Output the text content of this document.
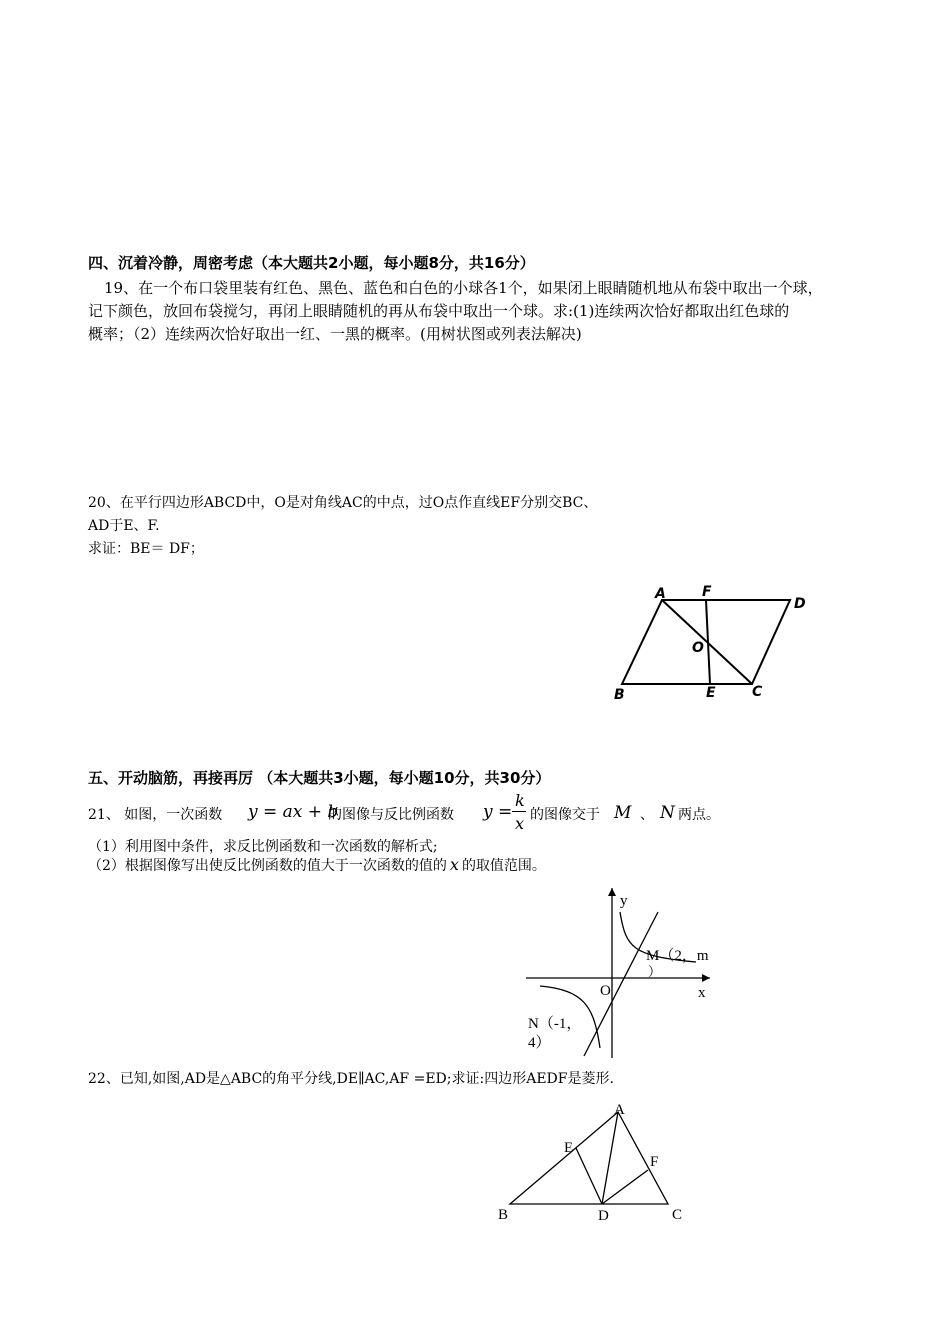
四、沉着冷静，周密考虑（本大题共2小题，每小题8分，共16分）
19、在一个布口袋里装有红色、黑色、蓝色和白色的小球各1个，如果闭上眼睛随机地从布袋中取出一个球，
记下颜色，放回布袋搅匀，再闭上眼睛随机的再从布袋中取出一个球。求:(1)连续两次恰好都取出红色球的
概率；（2）连续两次恰好取出一红、一黑的概率。(用树状图或列表法解决)
20、在平行四边形ABCD中，O是对角线AC的中点，过O点作直线EF分别交BC、
AD于E、F.
求证：BE＝ DF；
A	F
D
O
B	E	C
五、开动脑筋，再接再厉 （本大题共3小题，每小题10分，共30分）
21、 如图，一次函数 y = ax + b
的图像与反比例函数 y =
k
x 的图像交于 M 、 N 两点。
（1）利用图中条件，求反比例函数和一次函数的解析式;
（2）根据图像写出使反比例函数的值大于一次函数的值的 x 的取值范围。
y
x
O
M（2，m
）
N（-1，
4）
22、已知,如图,AD是△ABC的角平分线,DE∥AC,AF =ED;求证:四边形AEDF是菱形.
A
E
F
B	D	C
